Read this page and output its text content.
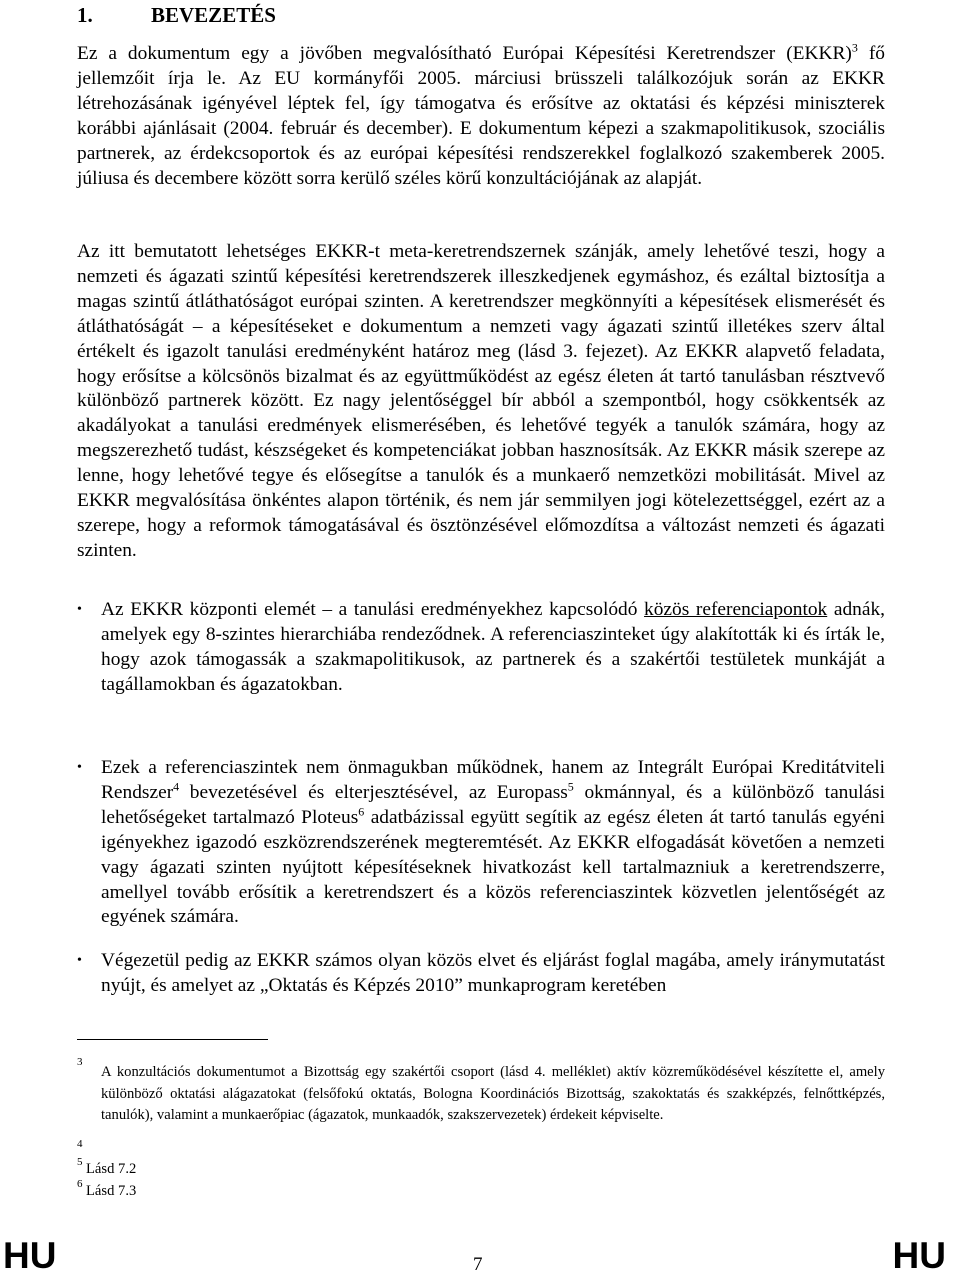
1.	BEVEZETÉS
Ez a dokumentum egy a jövőben megvalósítható Európai Képesítési Keretrendszer (EKKR)$^3$ fő jellemzőit írja le. Az EU kormányfői 2005. márciusi brüsszeli találkozójuk során az EKKR létrehozásának igényével léptek fel, így támogatva és erősítve az oktatási és képzési miniszterek korábbi ajánlásait (2004. február és december). E dokumentum képezi a szakmapolitikusok, szociális partnerek, az érdekcsoportok és az európai képesítési rendszerekkel foglalkozó szakemberek 2005. júliusa és decembere között sorra kerülő széles körű konzultációjának az alapját.
Az itt bemutatott lehetséges EKKR-t meta-keretrendszernek szánják, amely lehetővé teszi, hogy a nemzeti és ágazati szintű képesítési keretrendszerek illeszkedjenek egymáshoz, és ezáltal biztosítja a magas szintű átláthatóságot európai szinten. A keretrendszer megkönnyíti a képesítések elismerését és átláthatóságát – a képesítéseket e dokumentum a nemzeti vagy ágazati szintű illetékes szerv által értékelt és igazolt tanulási eredményként határoz meg (lásd 3. fejezet). Az EKKR alapvető feladata, hogy erősítse a kölcsönös bizalmat és az együttműködést az egész életen át tartó tanulásban résztvevő különböző partnerek között. Ez nagy jelentőséggel bír abból a szempontból, hogy csökkentsék az akadályokat a tanulási eredmények elismerésében, és lehetővé tegyék a tanulók számára, hogy az megszerezhető tudást, készségeket és kompetenciákat jobban hasznosítsák. Az EKKR másik szerepe az lenne, hogy lehetővé tegye és elősegítse a tanulók és a munkaerő nemzetközi mobilitását. Mivel az EKKR megvalósítása önkéntes alapon történik, és nem jár semmilyen jogi kötelezettséggel, ezért az a szerepe, hogy a reformok támogatásával és ösztönzésével előmozdítsa a változást nemzeti és ágazati szinten.
• Az EKKR központi elemét – a tanulási eredményekhez kapcsolódó közös referenciapontok adnák, amelyek egy 8-szintes hierarchiába rendeződnek. A referenciaszinteket úgy alakították ki és írták le, hogy azok támogassák a szakmapolitikusok, az partnerek és a szakértői testületek munkáját a tagállamokban és ágazatokban.
• Ezek a referenciaszintek nem önmagukban működnek, hanem az Integrált Európai Kreditátviteli Rendszer$^4$ bevezetésével és elterjesztésével, az Europass$^5$ okmánnyal, és a különböző tanulási lehetőségeket tartalmazó Ploteus$^6$ adatbázissal együtt segítik az egész életen át tartó tanulás egyéni igényekhez igazodó eszközrendszerének megteremtését. Az EKKR elfogadását követően a nemzeti vagy ágazati szinten nyújtott képesítéseknek hivatkozást kell tartalmazniuk a keretrendszerre, amellyel tovább erősítik a keretrendszert és a közös referenciaszintek közvetlen jelentőségét az egyének számára.
• Végezetül pedig az EKKR számos olyan közös elvet és eljárást foglal magába, amely iránymutatást nyújt, és amelyet az „Oktatás és Képzés 2010” munkaprogram keretében
3
A konzultációs dokumentumot a Bizottság egy szakértői csoport (lásd 4. melléklet) aktív közreműködésével készítette el, amely különböző oktatási alágazatokat (felsőfokú oktatás, Bologna Koordinációs Bizottság, szakoktatás és szakképzés, felnőttképzés, tanulók), valamint a munkaerőpiac (ágazatok, munkaadók, szakszervezetek) érdekeit képviselte.
4
5 Lásd 7.2
6 Lásd 7.3
HU	7	HU
